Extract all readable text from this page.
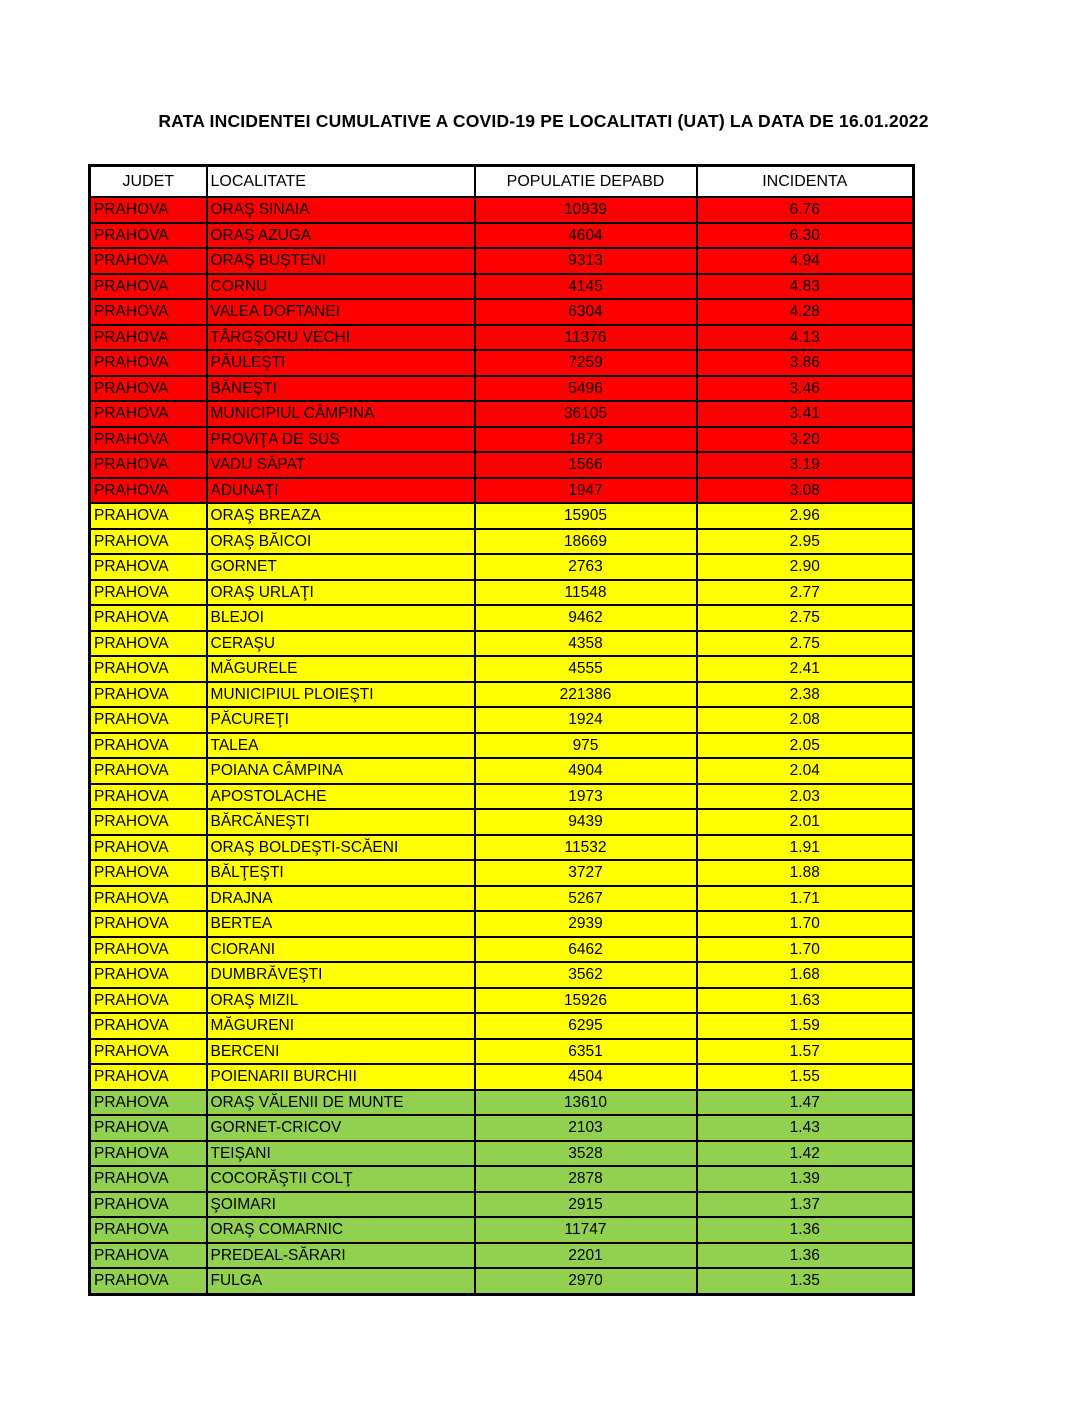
RATA INCIDENTEI CUMULATIVE A COVID-19 PE LOCALITATI (UAT) LA DATA DE 16.01.2022
JUDET	LOCALITATE	POPULATIE DEPABD	INCIDENTA
PRAHOVA	ORAŞ SINAIA	10939	6.76
PRAHOVA	ORAŞ AZUGA	4604	6.30
PRAHOVA	ORAŞ BUŞTENI	9313	4.94
PRAHOVA	CORNU	4145	4.83
PRAHOVA	VALEA DOFTANEI	6304	4.28
PRAHOVA	TÂRGŞORU VECHI	11376	4.13
PRAHOVA	PĂULEŞTI	7259	3.86
PRAHOVA	BĂNEŞTI	5496	3.46
PRAHOVA	MUNICIPIUL CÂMPINA	36105	3.41
PRAHOVA	PROVIŢA DE SUS	1873	3.20
PRAHOVA	VADU SĂPAT	1566	3.19
PRAHOVA	ADUNAŢI	1947	3.08
PRAHOVA	ORAŞ BREAZA	15905	2.96
PRAHOVA	ORAŞ BĂICOI	18669	2.95
PRAHOVA	GORNET	2763	2.90
PRAHOVA	ORAŞ URLAŢI	11548	2.77
PRAHOVA	BLEJOI	9462	2.75
PRAHOVA	CERAŞU	4358	2.75
PRAHOVA	MĂGURELE	4555	2.41
PRAHOVA	MUNICIPIUL PLOIEŞTI	221386	2.38
PRAHOVA	PĂCUREŢI	1924	2.08
PRAHOVA	TALEA	975	2.05
PRAHOVA	POIANA CÂMPINA	4904	2.04
PRAHOVA	APOSTOLACHE	1973	2.03
PRAHOVA	BĂRCĂNEŞTI	9439	2.01
PRAHOVA	ORAŞ BOLDEŞTI-SCĂENI	11532	1.91
PRAHOVA	BĂLŢEŞTI	3727	1.88
PRAHOVA	DRAJNA	5267	1.71
PRAHOVA	BERTEA	2939	1.70
PRAHOVA	CIORANI	6462	1.70
PRAHOVA	DUMBRĂVEŞTI	3562	1.68
PRAHOVA	ORAŞ MIZIL	15926	1.63
PRAHOVA	MĂGURENI	6295	1.59
PRAHOVA	BERCENI	6351	1.57
PRAHOVA	POIENARII BURCHII	4504	1.55
PRAHOVA	ORAŞ VĂLENII DE MUNTE	13610	1.47
PRAHOVA	GORNET-CRICOV	2103	1.43
PRAHOVA	TEIŞANI	3528	1.42
PRAHOVA	COCORĂŞTII COLŢ	2878	1.39
PRAHOVA	ŞOIMARI	2915	1.37
PRAHOVA	ORAŞ COMARNIC	11747	1.36
PRAHOVA	PREDEAL-SĂRARI	2201	1.36
PRAHOVA	FULGA	2970	1.35
